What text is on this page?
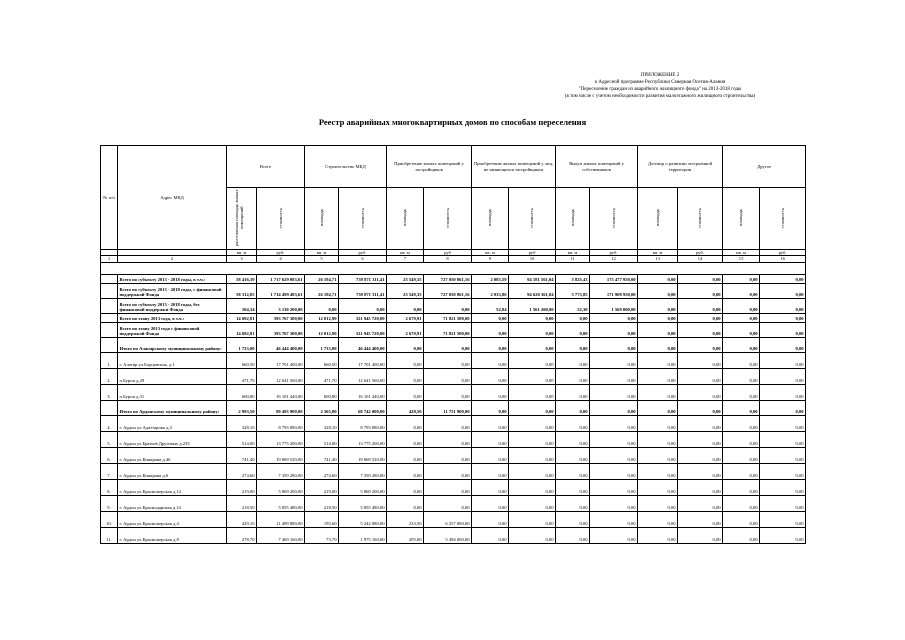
ПРИЛОЖЕНИЕ 2
к Адресной программе Республики Северная Осетия-Алания
"Переселение граждан из аварийного жилищного фонда" на 2013-2018 годы
(в том числе с учетом необходимости развития малоэтажного жилищного строительства)
Реестр аварийных многоквартирных домов по способам переселения
№ п/п	Адрес МКД	Всего		Строительство МКД		Приобретение жилых помещений у застройщиков		Приобретение жилых помещений у лиц, не являющихся застройщиком		Выкуп жилых помещений у собственников		Договор о развитии застроенной территории		Другое	
		расселяемая площадь жилых помещений	стоимость	площадь	стоимость	площадь	стоимость	площадь	стоимость	площадь	стоимость	площадь	стоимость	площадь	стоимость
		кв. м	руб.	кв. м	руб.	кв. м	руб	кв. м	руб	кв. м	руб.	кв. м	руб.	кв. м	руб.
1	2	3	4	5	6	7	8	9	10	11	12	13	14	15	16

	Всего по субъекту 2013 - 2018 годы, в т.ч.:	58 416,39	1 717 629 083,61	26 194,71	739 871 311,41	25 549,35	727 050 861,16	2 085,59	94 181 561,04	5 825,43	173 477 950,00	0,00	0,00	0,00	0,00
	Всего по субъекту 2013 - 2018 годы, с финансовой поддержкой Фонда	58 312,05	1 714 499 483,61	26 194,71	739 871 311,41	25 549,35	727 050 861,16	2 033,86	94 620 361,04	5 773,85	171 908 950,00	0,00	0,00	0,00	0,00
	Всего по субъекту 2013 - 2018 годы, без финансовой поддержки Фонда	104,34	3 130 200,00	0,00	0,00	0,00	0,00	52,04	1 561 200,00	52,30	1 569 000,00	0,00	0,00	0,00	0,00
	Всего по этапу 2013 года, в т.ч.:	14 692,81	393 767 300,00	12 012,90	321 945 720,00	2 679,91	71 821 580,00	0,00	0,00	0,00	0,00	0,00	0,00	0,00	0,00
	Всего по этапу 2013 года с финансовой поддержкой Фонда	14 692,81	393 767 300,00	12 012,90	321 945 720,00	2 679,91	71 821 580,00	0,00	0,00	0,00	0,00	0,00	0,00	0,00	0,00
	Итого по Алагирскому муниципальному району:	1 733,00	46 444 400,00	1 733,00	46 444 400,00	0,00	0,00	0,00	0,00	0,00	0,00	0,00	0,00	0,00	0,00
1.	г. Алагир ул.Борцовская, д.1	660,50	17 701 400,00	660,50	17 701 400,00	0,00	0,00	0,00	0,00	0,00	0,00	0,00	0,00	0,00	0,00
2.	п.Бурон д.29	471,70	12 641 560,00	471,70	12 641 560,00	0,00	0,00	0,00	0,00	0,00	0,00	0,00	0,00	0,00	0,00
3.	п.Бурон д.31	600,80	16 101 440,00	600,80	16 101 440,00	0,00	0,00	0,00	0,00	0,00	0,00	0,00	0,00	0,00	0,00
	Итого по Ардонскому муниципальному району:	2 993,50	80 493 900,00	2 565,00	68 742 000,00	428,50	11 751 900,00	0,00	0,00	0,00	0,00	0,00	0,00	0,00	0,00
4.	г. Ардон ул.Адаттарова д.3	328,10	8 793 080,00	328,10	8 793 080,00	0,00	0,00	0,00	0,00	0,00	0,00	0,00	0,00	0,00	0,00
5.	г. Ардон ул.Братьев Друговых д.235	514,00	13 775 200,00	514,00	13 775 200,00	0,00	0,00	0,00	0,00	0,00	0,00	0,00	0,00	0,00	0,00
6.	г. Ардон ул.Комарова д.46	741,40	19 869 520,00	741,40	19 869 520,00	0,00	0,00	0,00	0,00	0,00	0,00	0,00	0,00	0,00	0,00
7.	г. Ардон ул.Комарова д.6	274,60	7 359 280,00	274,60	7 359 280,00	0,00	0,00	0,00	0,00	0,00	0,00	0,00	0,00	0,00	0,00
8.	г. Ардон ул.Красноперская д.12	219,00	5 869 200,00	219,00	5 869 200,00	0,00	0,00	0,00	0,00	0,00	0,00	0,00	0,00	0,00	0,00
9.	г. Ардон ул.Краснодарская д.14	218,50	5 855 480,00	218,50	5 855 480,00	0,00	0,00	0,00	0,00	0,00	0,00	0,00	0,00	0,00	0,00
10.	г. Ардон ул.Красноперская д.4	429,10	11 499 880,00	195,60	5 242 080,00	233,50	6 257 800,00	0,00	0,00	0,00	0,00	0,00	0,00	0,00	0,00
11.	г. Ардон ул.Красноперская д.8	278,70	7 469 160,00	73,70	1 975 160,00	205,00	5 494 000,00	0,00	0,00	0,00	0,00	0,00	0,00	0,00	0,00
